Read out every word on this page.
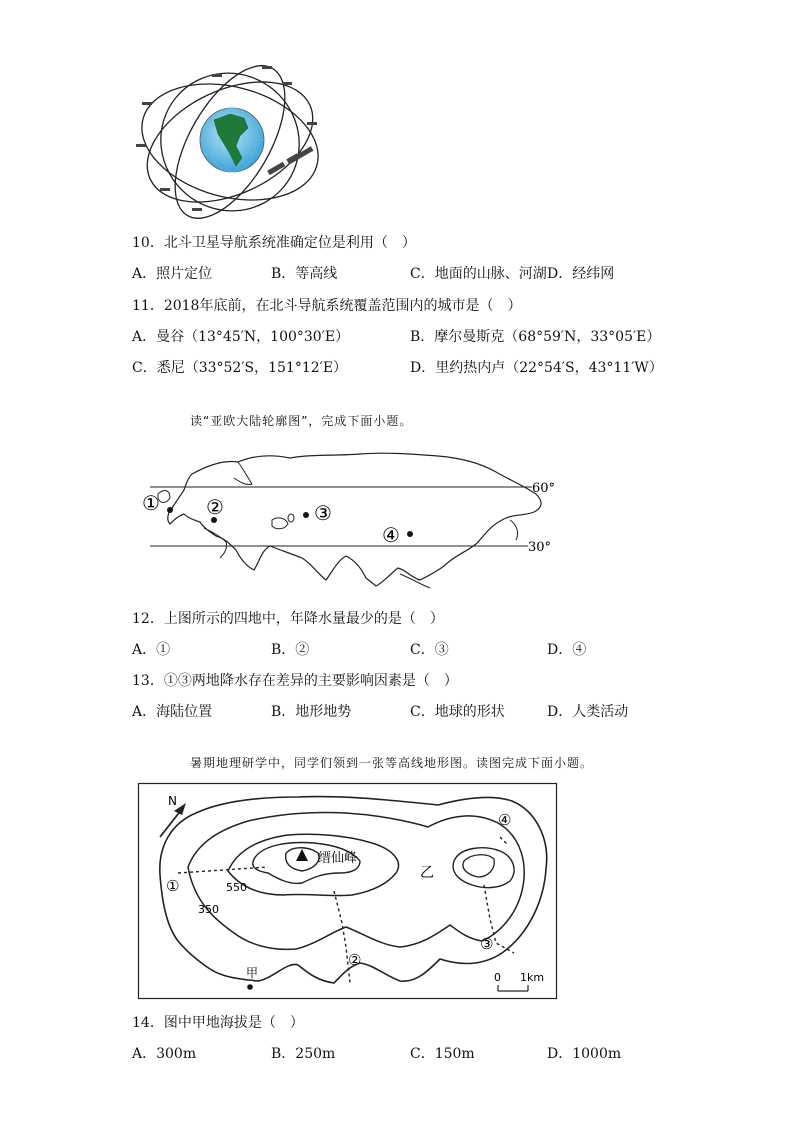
10．北斗卫星导航系统准确定位是利用（　）
A．照片定位	B．等高线	C．地面的山脉、河湖 D．经纬网
11．2018年底前，在北斗导航系统覆盖范围内的城市是（　）
A．曼谷（13°45′N，100°30′E）	B．摩尔曼斯克（68°59′N，33°05′E）
C．悉尼（33°52′S，151°12′E）	D．里约热内卢（22°54′S，43°11′W）
读“亚欧大陆轮廓图”，完成下面小题。
60°
30°
① ②	③
④
12．上图所示的四地中，年降水量最少的是（　）
A．①	B．②	C．③	D．④
13．①③两地降水存在差异的主要影响因素是（　）
A．海陆位置	B．地形地势	C．地球的形状	D．人类活动
暑期地理研学中，同学们领到一张等高线地形图。读图完成下面小题。
N
缙仙峰
乙
550
350
甲
①
②
③
④
0 1km
14．图中甲地海拔是（　）
A．300m	B．250m	C．150m	D．1000m
